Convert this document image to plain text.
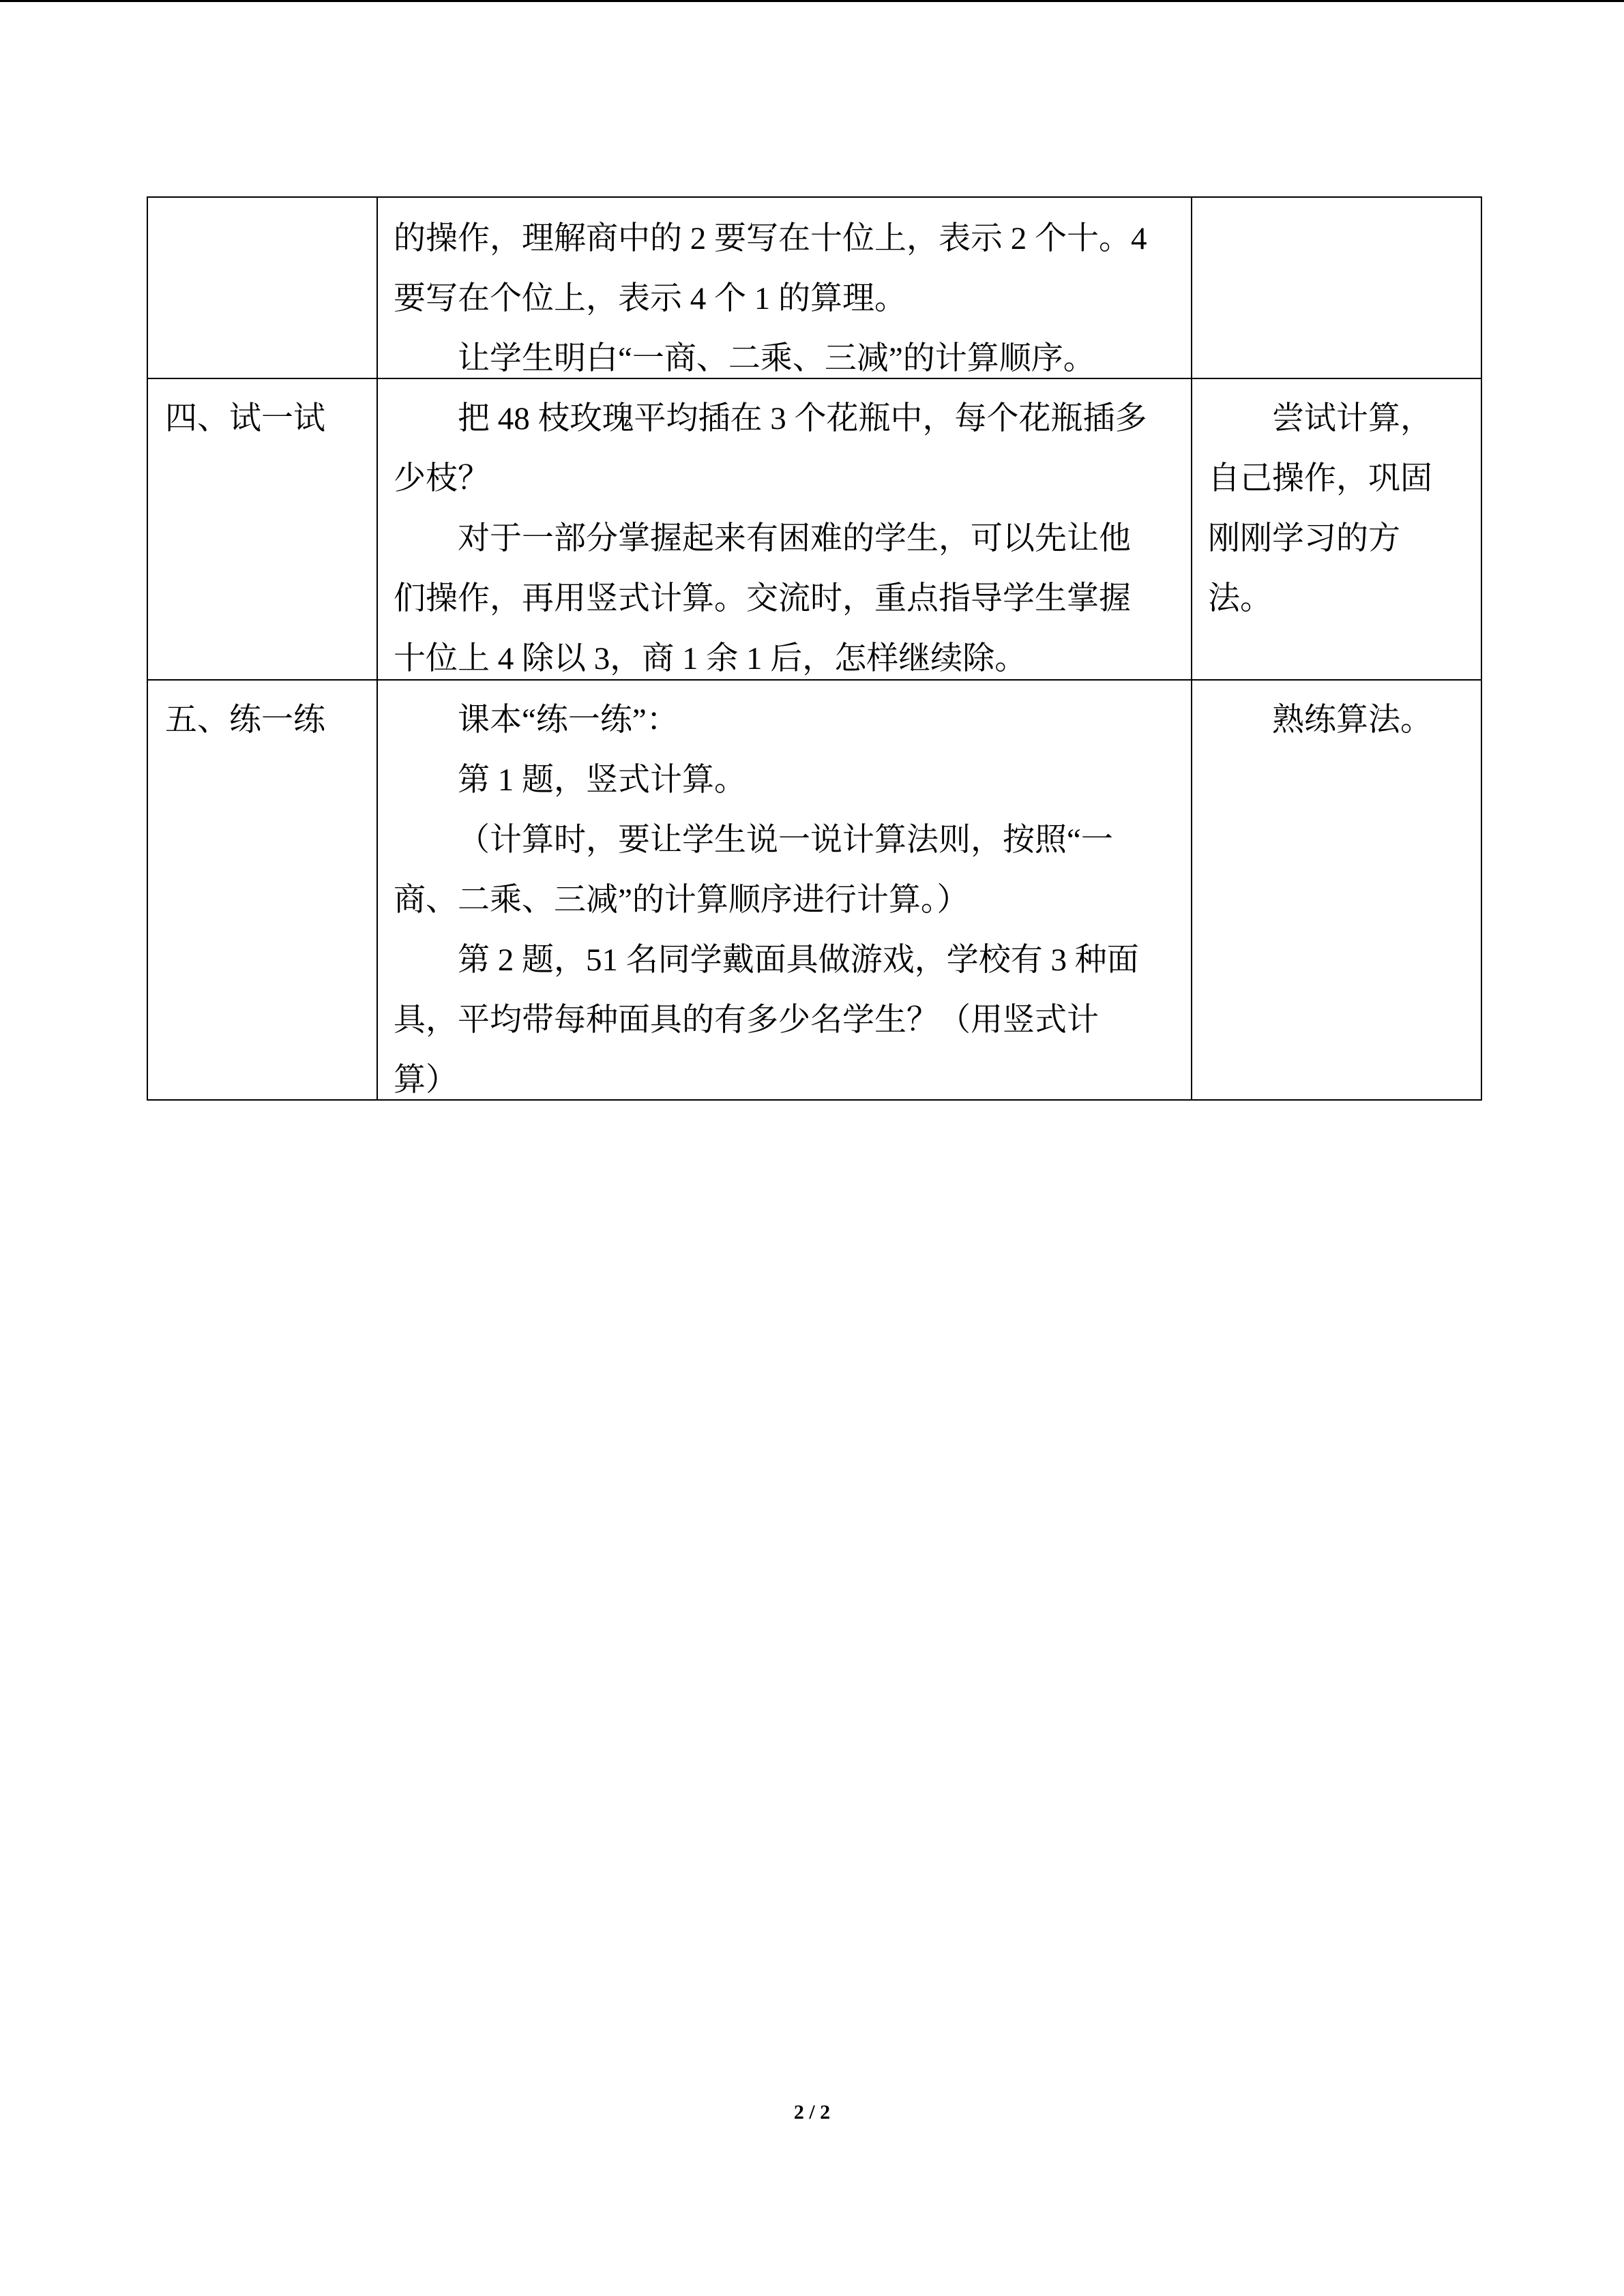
的操作，理解商中的 2 要写在十位上，表示 2 个十。4
要写在个位上，表示 4 个 1 的算理。
让学生明白“一商、二乘、三减”的计算顺序。
四、试一试	把 48 枝玫瑰平均插在 3 个花瓶中，每个花瓶插多
少枝？
对于一部分掌握起来有困难的学生，可以先让他
们操作，再用竖式计算。交流时，重点指导学生掌握
十位上 4 除以 3，商 1 余 1 后，怎样继续除。
尝试计算，
自己操作，巩固
刚刚学习的方
法。
五、练一练	课本“练一练”：
第 1 题，竖式计算。
（计算时，要让学生说一说计算法则，按照“一
商、二乘、三减”的计算顺序进行计算。）
第 2 题，51 名同学戴面具做游戏，学校有 3 种面
具，平均带每种面具的有多少名学生？（用竖式计
算）
熟练算法。
2 / 2
